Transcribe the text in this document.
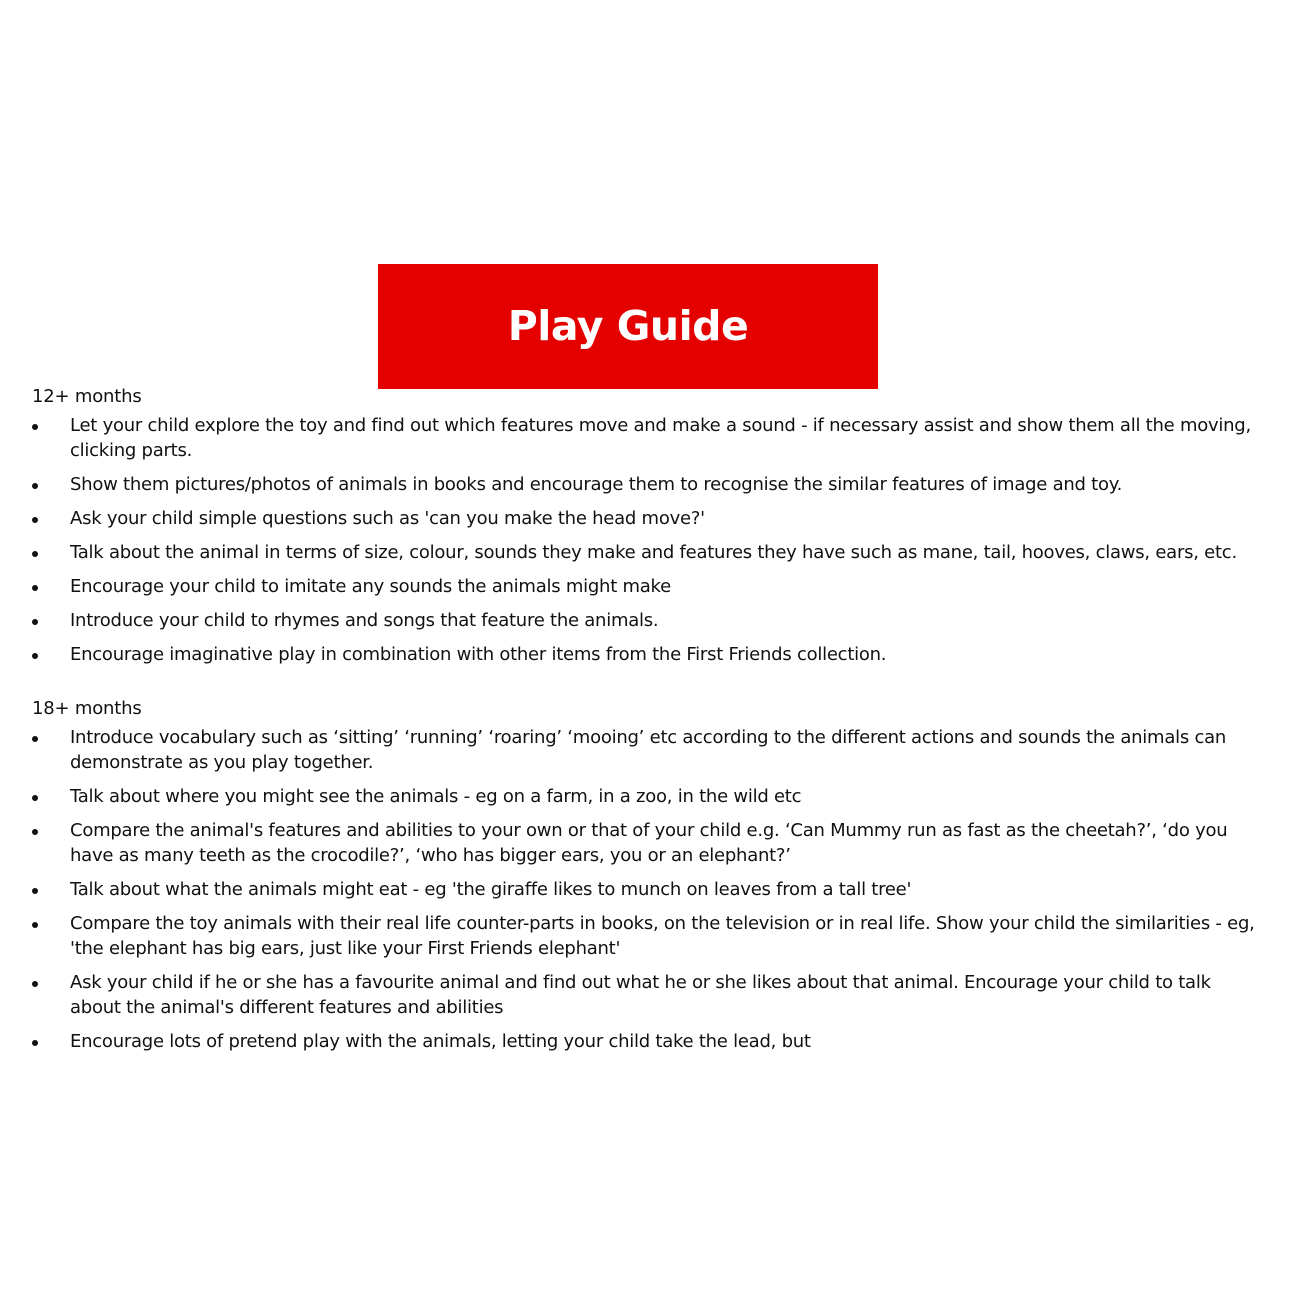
Play Guide
12+ months
Let your child explore the toy and find out which features move and make a sound - if necessary assist and show them all the moving, clicking parts.
Show them pictures/photos of animals in books and encourage them to recognise the similar features of image and toy.
Ask your child simple questions such as 'can you make the head move?'
Talk about the animal in terms of size, colour, sounds they make and features they have such as mane, tail, hooves, claws, ears, etc.
Encourage your child to imitate any sounds the animals might make
Introduce your child to rhymes and songs that feature the animals.
Encourage imaginative play in combination with other items from the First Friends collection.
18+ months
Introduce vocabulary such as ‘sitting’ ‘running’ ‘roaring’ ‘mooing’ etc according to the different actions and sounds the animals can demonstrate as you play together.
Talk about where you might see the animals - eg on a farm, in a zoo, in the wild etc
Compare the animal's features and abilities to your own or that of your child e.g. ‘Can Mummy run as fast as the cheetah?’, ‘do you have as many teeth as the crocodile?’, ‘who has bigger ears, you or an elephant?’
Talk about what the animals might eat - eg 'the giraffe likes to munch on leaves from a tall tree'
Compare the toy animals with their real life counter-parts in books, on the television or in real life. Show your child the similarities - eg, 'the elephant has big ears, just like your First Friends elephant'
Ask your child if he or she has a favourite animal and find out what he or she likes about that animal. Encourage your child to talk about the animal's different features and abilities
Encourage lots of pretend play with the animals, letting your child take the lead, but
